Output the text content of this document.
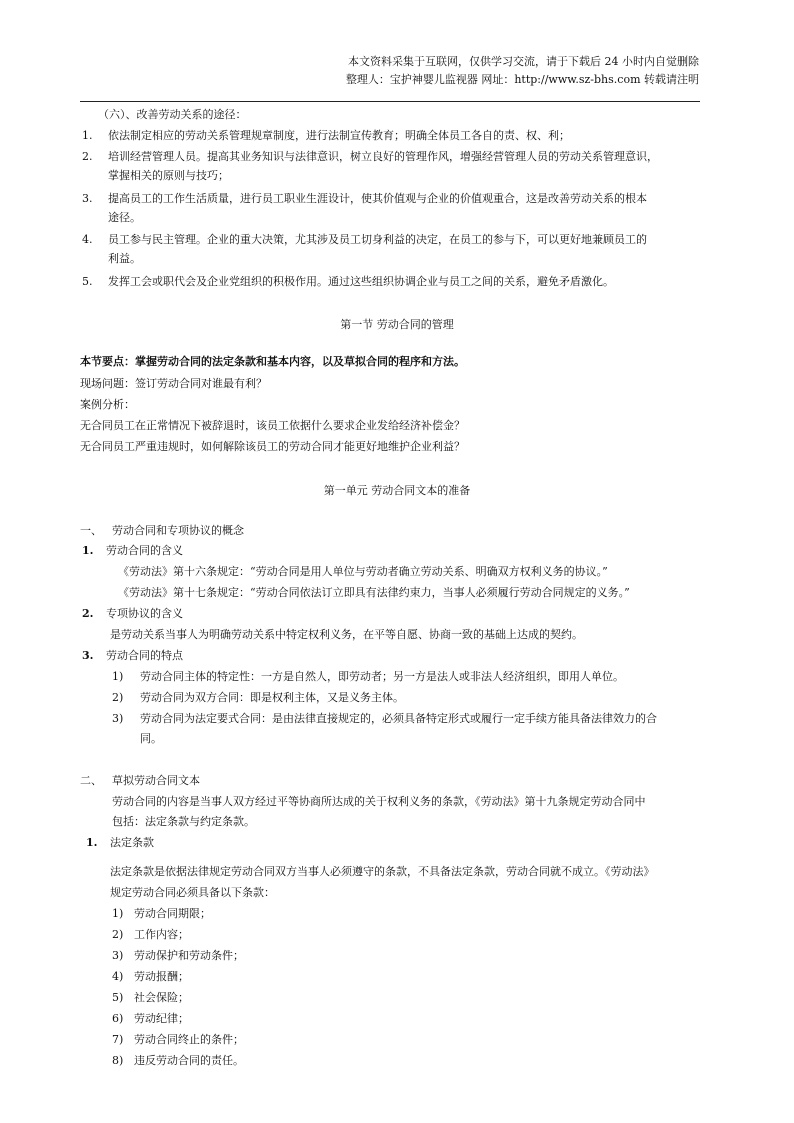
本文资料采集于互联网，仅供学习交流，请于下载后 24 小时内自觉删除
整理人：宝护神婴儿监视器 网址：http://www.sz-bhs.com 转载请注明
（六）、改善劳动关系的途径：
1. 依法制定相应的劳动关系管理规章制度，进行法制宣传教育；明确全体员工各自的责、权、利；
2. 培训经营管理人员。提高其业务知识与法律意识，树立良好的管理作风，增强经营管理人员的劳动关系管理意识，
掌握相关的原则与技巧；
3. 提高员工的工作生活质量，进行员工职业生涯设计，使其价值观与企业的价值观重合，这是改善劳动关系的根本
途径。
4. 员工参与民主管理。企业的重大决策，尤其涉及员工切身利益的决定，在员工的参与下，可以更好地兼顾员工的
利益。
5. 发挥工会或职代会及企业党组织的积极作用。通过这些组织协调企业与员工之间的关系，避免矛盾激化。
第一节 劳动合同的管理
本节要点：掌握劳动合同的法定条款和基本内容，以及草拟合同的程序和方法。
现场问题：签订劳动合同对谁最有利？
案例分析：
无合同员工在正常情况下被辞退时，该员工依据什么要求企业发给经济补偿金？
无合同员工严重违规时，如何解除该员工的劳动合同才能更好地维护企业利益？
第一单元 劳动合同文本的准备
一、 劳动合同和专项协议的概念
1. 劳动合同的含义
《劳动法》第十六条规定：“劳动合同是用人单位与劳动者确立劳动关系、明确双方权利义务的协议。”
《劳动法》第十七条规定：“劳动合同依法订立即具有法律约束力，当事人必须履行劳动合同规定的义务。”
2. 专项协议的含义
是劳动关系当事人为明确劳动关系中特定权利义务，在平等自愿、协商一致的基础上达成的契约。
3. 劳动合同的特点
1) 劳动合同主体的特定性：一方是自然人，即劳动者；另一方是法人或非法人经济组织，即用人单位。
2) 劳动合同为双方合同：即是权利主体，又是义务主体。
3) 劳动合同为法定要式合同：是由法律直接规定的，必须具备特定形式或履行一定手续方能具备法律效力的合
同。
二、 草拟劳动合同文本
劳动合同的内容是当事人双方经过平等协商所达成的关于权利义务的条款，《劳动法》第十九条规定劳动合同中
包括：法定条款与约定条款。
1. 法定条款
法定条款是依据法律规定劳动合同双方当事人必须遵守的条款，不具备法定条款，劳动合同就不成立。《劳动法》
规定劳动合同必须具备以下条款：
1) 劳动合同期限；
2) 工作内容；
3) 劳动保护和劳动条件；
4) 劳动报酬；
5) 社会保险；
6) 劳动纪律；
7) 劳动合同终止的条件；
8) 违反劳动合同的责任。
